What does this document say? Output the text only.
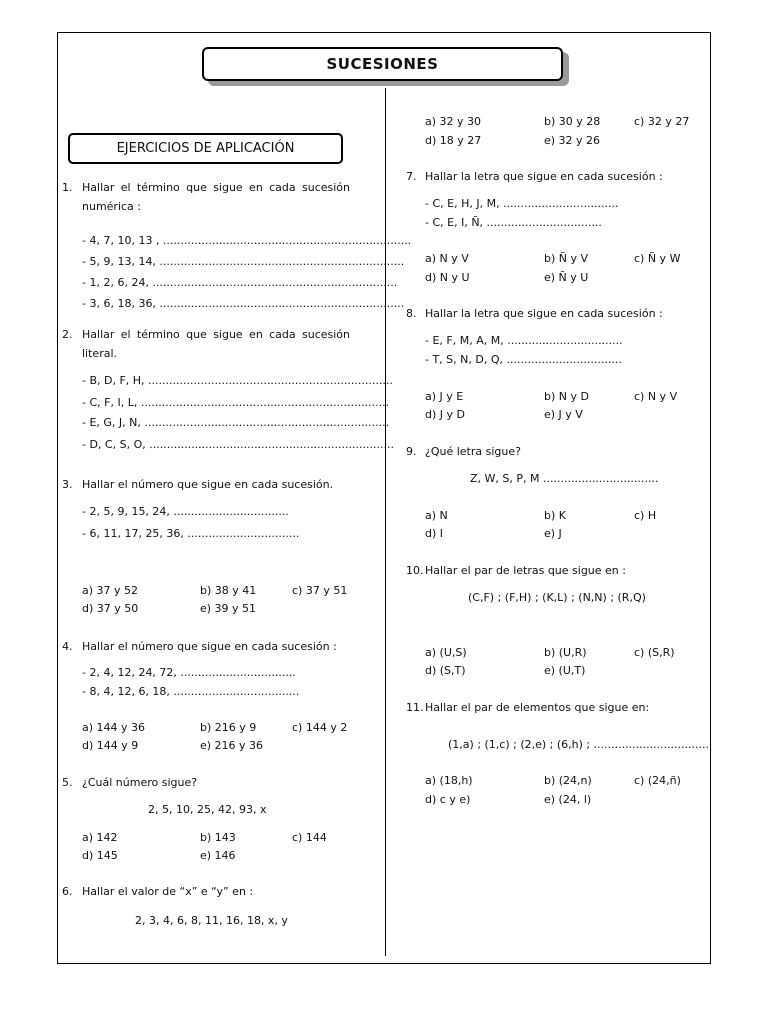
SUCESIONES
EJERCICIOS DE APLICACIÓN
1. Hallar el término que sigue en cada sucesión
numérica :
- 4, 7, 10, 13 , .......................................................................
- 5, 9, 13, 14, ......................................................................
- 1, 2, 6, 24, ......................................................................
- 3, 6, 18, 36, ......................................................................
2. Hallar el término que sigue en cada sucesión
literal.
- B, D, F, H, ......................................................................
- C, F, I, L, .......................................................................
- E, G, J, N, ......................................................................
- D, C, S, O, ......................................................................
3. Hallar el número que sigue en cada sucesión.
- 2, 5, 9, 15, 24, .................................
- 6, 11, 17, 25, 36, ................................
a) 37 y 52	b) 38 y 41	c) 37 y 51
d) 37 y 50	e) 39 y 51
4. Hallar el número que sigue en cada sucesión :
- 2, 4, 12, 24, 72, .................................
- 8, 4, 12, 6, 18, ....................................
a) 144 y 36	b) 216 y 9	c) 144 y 2
d) 144 y 9	e) 216 y 36
5. ¿Cuál número sigue?
2, 5, 10, 25, 42, 93, x
a) 142	b) 143	c) 144
d) 145	e) 146
6. Hallar el valor de “x” e “y” en :
2, 3, 4, 6, 8, 11, 16, 18, x, y
a) 32 y 30	b) 30 y 28	c) 32 y 27
d) 18 y 27	e) 32 y 26
7. Hallar la letra que sigue en cada sucesión :
- C, E, H, J, M, .................................
- C, E, I, Ñ, .................................
a) N y V	b) Ñ y V	c) Ñ y W
d) N y U	e) Ñ y U
8. Hallar la letra que sigue en cada sucesión :
- E, F, M, A, M, .................................
- T, S, N, D, Q, .................................
a) J y E	b) N y D	c) N y V
d) J y D	e) J y V
9. ¿Qué letra sigue?
Z, W, S, P, M .................................
a) N	b) K	c) H
d) I	e) J
10. Hallar el par de letras que sigue en :
(C,F) ; (F,H) ; (K,L) ; (N,N) ; (R,Q)
a) (U,S)	b) (U,R)	c) (S,R)
d) (S,T)	e) (U,T)
11. Hallar el par de elementos que sigue en:
(1,a) ; (1,c) ; (2,e) ; (6,h) ; .................................
a) (18,h)	b) (24,n)	c) (24,ñ)
d) c y e)	e) (24, l)
